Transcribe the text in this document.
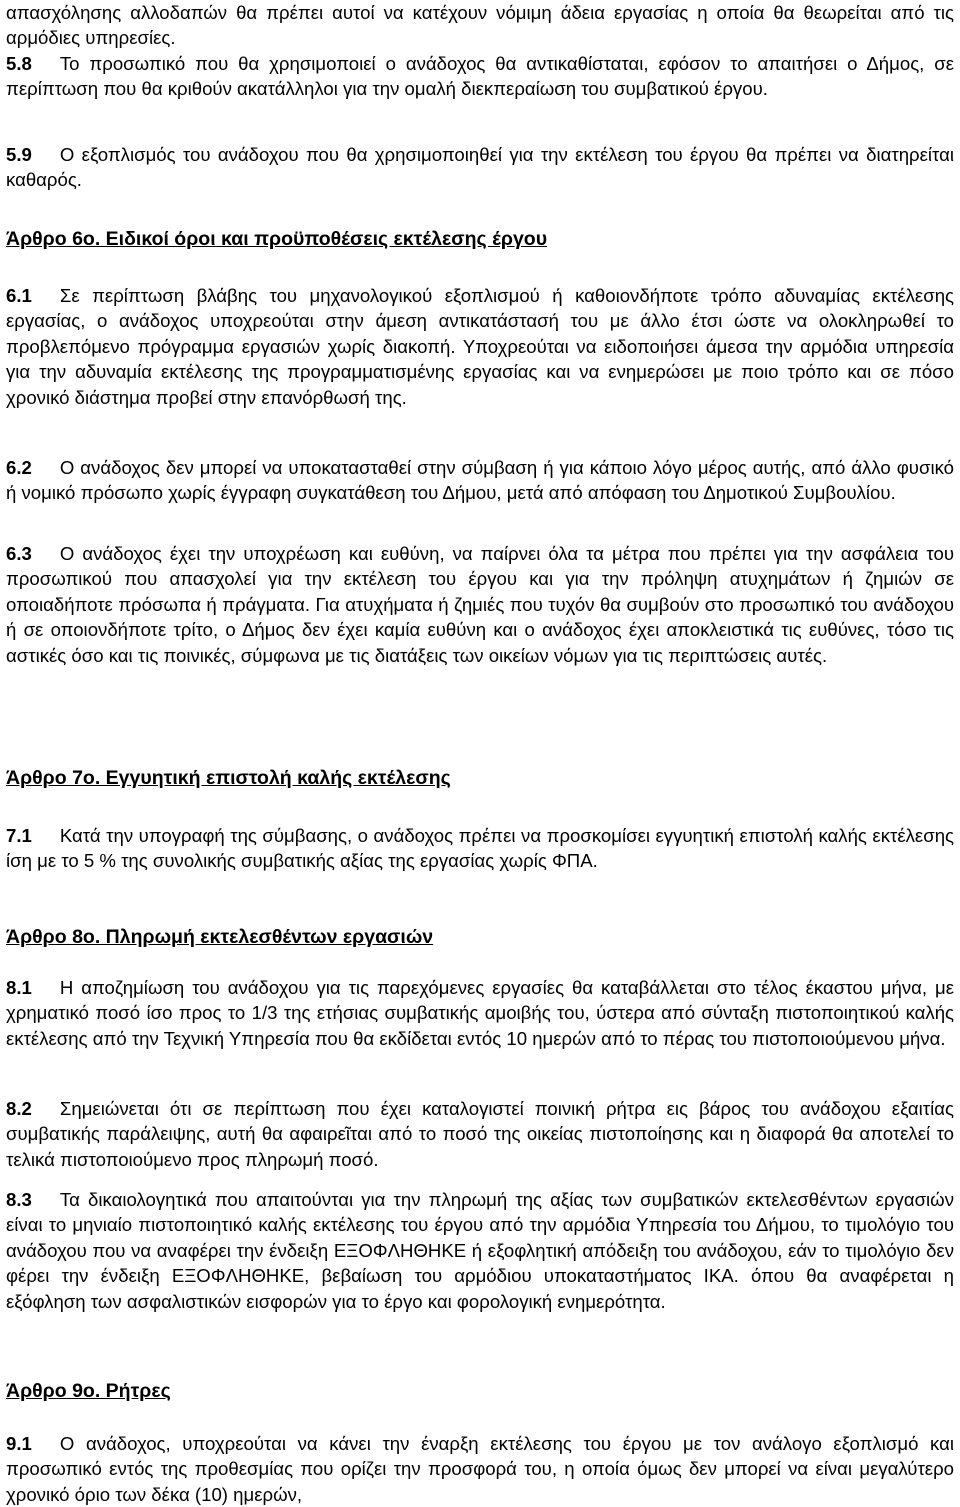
απασχόλησης αλλοδαπών θα πρέπει αυτοί να κατέχουν νόμιμη άδεια εργασίας η οποία θα θεωρείται από τις αρμόδιες υπηρεσίες.
5.8 Το προσωπικό που θα χρησιμοποιεί ο ανάδοχος θα αντικαθίσταται, εφόσον το απαιτήσει ο Δήμος, σε περίπτωση που θα κριθούν ακατάλληλοι για την ομαλή διεκπεραίωση του συμβατικού έργου.
5.9 Ο εξοπλισμός του ανάδοχου που θα χρησιμοποιηθεί για την εκτέλεση του έργου θα πρέπει να διατηρείται καθαρός.
Άρθρο 6ο. Ειδικοί όροι και προϋποθέσεις εκτέλεσης έργου
6.1 Σε περίπτωση βλάβης του μηχανολογικού εξοπλισμού ή καθοιονδήποτε τρόπο αδυναμίας εκτέλεσης εργασίας, ο ανάδοχος υποχρεούται στην άμεση αντικατάστασή του με άλλο έτσι ώστε να ολοκληρωθεί το προβλεπόμενο πρόγραμμα εργασιών χωρίς διακοπή. Υποχρεούται να ειδοποιήσει άμεσα την αρμόδια υπηρεσία για την αδυναμία εκτέλεσης της προγραμματισμένης εργασίας και να ενημερώσει με ποιο τρόπο και σε πόσο χρονικό διάστημα προβεί στην επανόρθωσή της.
6.2 Ο ανάδοχος δεν μπορεί να υποκατασταθεί στην σύμβαση ή για κάποιο λόγο μέρος αυτής, από άλλο φυσικό ή νομικό πρόσωπο χωρίς έγγραφη συγκατάθεση του Δήμου, μετά από απόφαση του Δημοτικού Συμβουλίου.
6.3 Ο ανάδοχος έχει την υποχρέωση και ευθύνη, να παίρνει όλα τα μέτρα που πρέπει για την ασφάλεια του προσωπικού που απασχολεί για την εκτέλεση του έργου και για την πρόληψη ατυχημάτων ή ζημιών σε οποιαδήποτε πρόσωπα ή πράγματα. Για ατυχήματα ή ζημιές που τυχόν θα συμβούν στο προσωπικό του ανάδοχου ή σε οποιονδήποτε τρίτο, ο Δήμος δεν έχει καμία ευθύνη και ο ανάδοχος έχει αποκλειστικά τις ευθύνες, τόσο τις αστικές όσο και τις ποινικές, σύμφωνα με τις διατάξεις των οικείων νόμων για τις περιπτώσεις αυτές.
Άρθρο 7ο. Εγγυητική επιστολή καλής εκτέλεσης
7.1 Κατά την υπογραφή της σύμβασης, ο ανάδοχος πρέπει να προσκομίσει εγγυητική επιστολή καλής εκτέλεσης ίση με το 5 % της συνολικής συμβατικής αξίας της εργασίας χωρίς ΦΠΑ.
Άρθρο 8ο. Πληρωμή εκτελεσθέντων εργασιών
8.1 Η αποζημίωση του ανάδοχου για τις παρεχόμενες εργασίες θα καταβάλλεται στο τέλος έκαστου μήνα, με χρηματικό ποσό ίσο προς το 1/3 της ετήσιας συμβατικής αμοιβής του, ύστερα από σύνταξη πιστοποιητικού καλής εκτέλεσης από την Τεχνική Υπηρεσία που θα εκδίδεται εντός 10 ημερών από το πέρας του πιστοποιούμενου μήνα.
8.2 Σημειώνεται ότι σε περίπτωση που έχει καταλογιστεί ποινική ρήτρα εις βάρος του ανάδοχου εξαιτίας συμβατικής παράλειψης, αυτή θα αφαιρεῖται από το ποσό της οικείας πιστοποίησης και η διαφορά θα αποτελεί το τελικά πιστοποιούμενο προς πληρωμή ποσό.
8.3 Τα δικαιολογητικά που απαιτούνται για την πληρωμή της αξίας των συμβατικών εκτελεσθέντων εργασιών είναι το μηνιαίο πιστοποιητικό καλής εκτέλεσης του έργου από την αρμόδια Υπηρεσία του Δήμου, το τιμολόγιο του ανάδοχου που να αναφέρει την ένδειξη ΕΞΟΦΛΗΘΗΚΕ ή εξοφλητική απόδειξη του ανάδοχου, εάν το τιμολόγιο δεν φέρει την ένδειξη ΕΞΟΦΛΗΘΗΚΕ, βεβαίωση του αρμόδιου υποκαταστήματος ΙΚΑ. όπου θα αναφέρεται η εξόφληση των ασφαλιστικών εισφορών για το έργο και φορολογική ενημερότητα.
Άρθρο 9ο. Ρήτρες
9.1 Ο ανάδοχος, υποχρεούται να κάνει την έναρξη εκτέλεσης του έργου με τον ανάλογο εξοπλισμό και προσωπικό εντός της προθεσμίας που ορίζει την προσφορά του, η οποία όμως δεν μπορεί να είναι μεγαλύτερο χρονικό όριο των δέκα (10) ημερών,
